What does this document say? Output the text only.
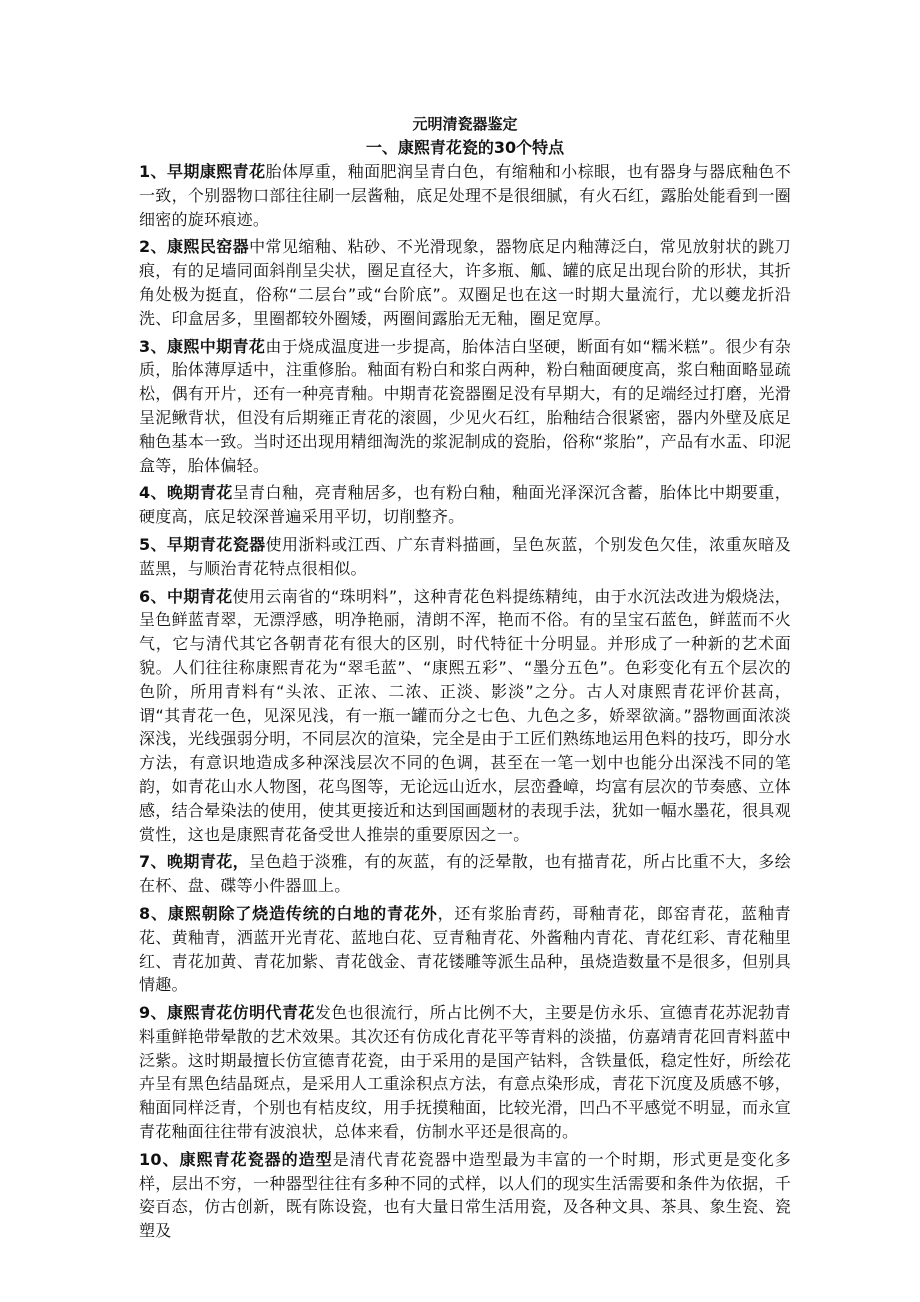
元明清瓷器鉴定
一、康熙青花瓷的30个特点

1、早期康熙青花胎体厚重，釉面肥润呈青白色，有缩釉和小棕眼，也有器身与器底釉色不一致，个别器物口部往往刷一层酱釉，底足处理不是很细腻，有火石红，露胎处能看到一圈细密的旋环痕迹。

2、康熙民窑器中常见缩釉、粘砂、不光滑现象，器物底足内釉薄泛白，常见放射状的跳刀痕，有的足墙同面斜削呈尖状，圈足直径大，许多瓶、觚、罐的底足出现台阶的形状，其折角处极为挺直，俗称“二层台”或“台阶底”。双圈足也在这一时期大量流行，尤以夔龙折沿洗、印盒居多，里圈都较外圈矮，两圈间露胎无无釉，圈足宽厚。

3、康熙中期青花由于烧成温度进一步提高，胎体洁白坚硬，断面有如“糯米糕”。很少有杂质，胎体薄厚适中，注重修胎。釉面有粉白和浆白两种，粉白釉面硬度高，浆白釉面略显疏松，偶有开片，还有一种亮青釉。中期青花瓷器圈足没有早期大，有的足端经过打磨，光滑呈泥鳅背状，但没有后期雍正青花的滚圆，少见火石红，胎釉结合很紧密，器内外壁及底足釉色基本一致。当时还出现用精细淘洗的浆泥制成的瓷胎，俗称“浆胎”，产品有水盂、印泥盒等，胎体偏轻。

4、晚期青花呈青白釉，亮青釉居多，也有粉白釉，釉面光泽深沉含蓄，胎体比中期要重，硬度高，底足较深普遍采用平切，切削整齐。

5、早期青花瓷器使用浙料或江西、广东青料描画，呈色灰蓝，个别发色欠佳，浓重灰暗及蓝黑，与顺治青花特点很相似。

6、中期青花使用云南省的“珠明料”，这种青花色料提练精纯，由于水沉法改进为煅烧法，呈色鲜蓝青翠，无漂浮感，明净艳丽，清朗不浑，艳而不俗。有的呈宝石蓝色，鲜蓝而不火气，它与清代其它各朝青花有很大的区别，时代特征十分明显。并形成了一种新的艺术面貌。人们往往称康熙青花为“翠毛蓝”、“康熙五彩”、“墨分五色”。色彩变化有五个层次的色阶，所用青料有“头浓、正浓、二浓、正淡、影淡”之分。古人对康熙青花评价甚高，谓“其青花一色，见深见浅，有一瓶一罐而分之七色、九色之多，娇翠欲滴。”器物画面浓淡深浅，光线强弱分明，不同层次的渲染，完全是由于工匠们熟练地运用色料的技巧，即分水方法，有意识地造成多种深浅层次不同的色调，甚至在一笔一划中也能分出深浅不同的笔韵，如青花山水人物图，花鸟图等，无论远山近水，层峦叠嶂，均富有层次的节奏感、立体感，结合晕染法的使用，使其更接近和达到国画题材的表现手法，犹如一幅水墨花，很具观赏性，这也是康熙青花备受世人推崇的重要原因之一。

7、晚期青花，呈色趋于淡雅，有的灰蓝，有的泛晕散，也有描青花，所占比重不大，多绘在杯、盘、碟等小件器皿上。

8、康熙朝除了烧造传统的白地的青花外，还有浆胎青药，哥釉青花，郎窑青花，蓝釉青花、黄釉青，洒蓝开光青花、蓝地白花、豆青釉青花、外酱釉内青花、青花红彩、青花釉里红、青花加黄、青花加紫、青花戗金、青花镂雕等派生品种，虽烧造数量不是很多，但别具情趣。

9、康熙青花仿明代青花发色也很流行，所占比例不大，主要是仿永乐、宣德青花苏泥勃青料重鲜艳带晕散的艺术效果。其次还有仿成化青花平等青料的淡描，仿嘉靖青花回青料蓝中泛紫。这时期最擅长仿宣德青花瓷，由于采用的是国产钴料，含铁量低，稳定性好，所绘花卉呈有黑色结晶斑点，是采用人工重涂积点方法，有意点染形成，青花下沉度及质感不够，釉面同样泛青，个别也有桔皮纹，用手抚摸釉面，比较光滑，凹凸不平感觉不明显，而永宣青花釉面往往带有波浪状，总体来看，仿制水平还是很高的。

10、康熙青花瓷器的造型是清代青花瓷器中造型最为丰富的一个时期，形式更是变化多样，层出不穷，一种器型往往有多种不同的式样，以人们的现实生活需要和条件为依据，千姿百态，仿古创新，既有陈设瓷，也有大量日常生活用瓷，及各种文具、茶具、象生瓷、瓷塑及
